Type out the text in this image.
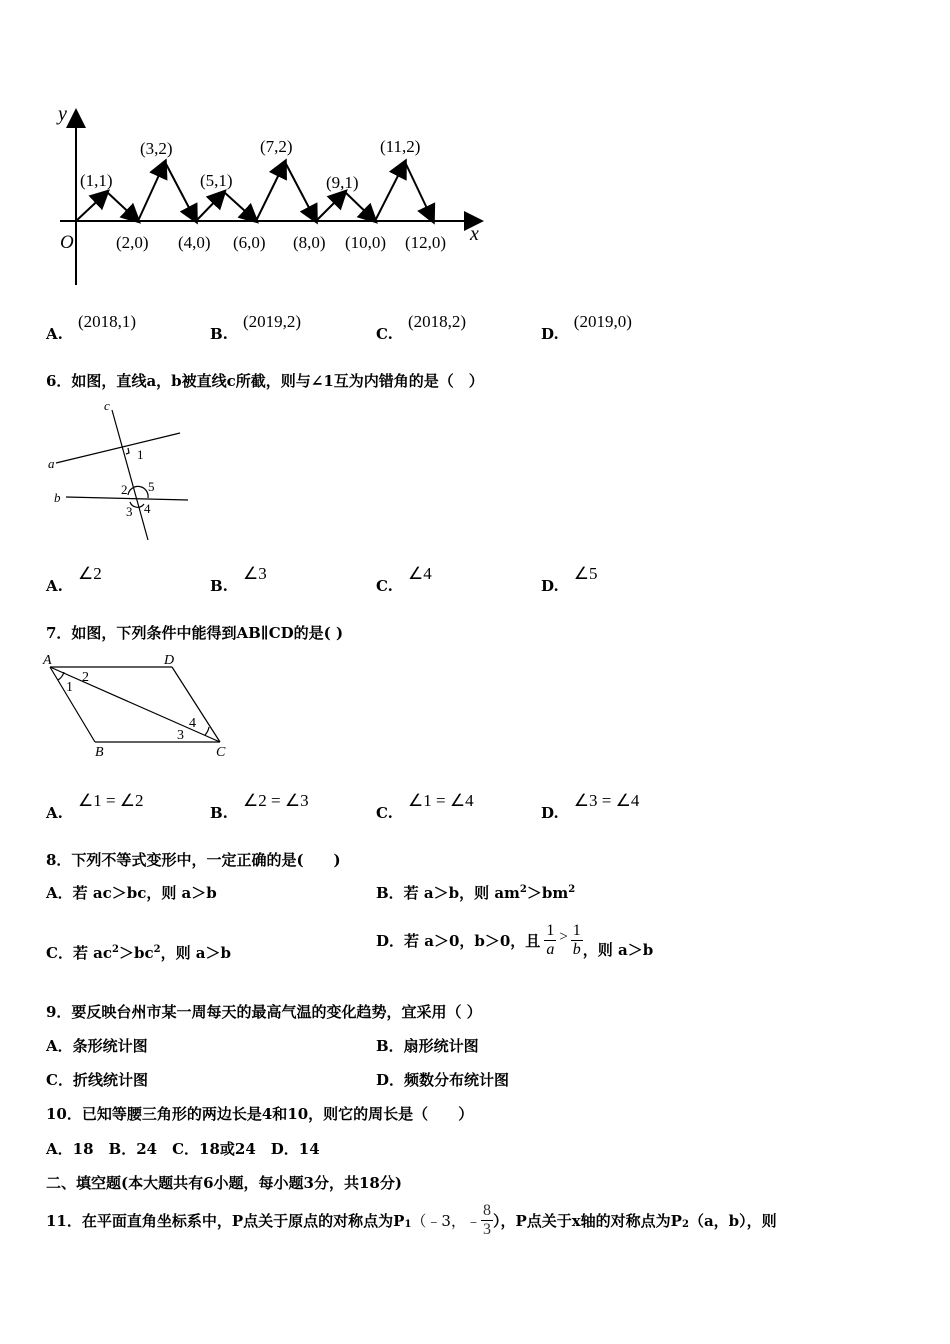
y
x
O
(1,1)
(3,2)
(5,1)
(7,2)
(9,1)
(11,2)
(2,0) (4,0) (6,0) (8,0) (10,0) (12,0)
A. (2018,1)
B. (2019,2)
C. (2018,2)
D. (2019,0)
6．如图，直线a，b被直线c所截，则与∠1互为内错角的是（　）
c
a
b
1
2 5
3 4
A. ∠2
B. ∠3
C. ∠4
D. ∠5
7．如图，下列条件中能得到AB∥CD的是( )
A	D
B	C
1
2
3
4
A. ∠1 = ∠2
B. ∠2 = ∠3
C. ∠1 = ∠4
D. ∠3 = ∠4
8．下列不等式变形中，一定正确的是(　　)
A．若 ac＞bc，则 a＞b	B．若 a＞b，则 $am^2>bm^2$
C．若 $ac^2>bc^2$，则 a＞b
D．若 a＞0，b＞0，且 $\frac{1}{a} > \frac{1}{b}$ ，则 a＞b
9．要反映台州市某一周每天的最高气温的变化趋势，宜采用（ ）
A．条形统计图	B．扇形统计图
C．折线统计图	D．频数分布统计图
10．已知等腰三角形的两边长是4和10，则它的周长是（　　）
A．18　B．24　C．18或24　D．14
二、填空题(本大题共有6小题，每小题3分，共18分)
11．在平面直角坐标系中，P点关于原点的对称点为$P_1$ （﹣3，﹣ $\frac{8}{3}$ ），P点关于x轴的对称点为$P_2$ （a，b），则
